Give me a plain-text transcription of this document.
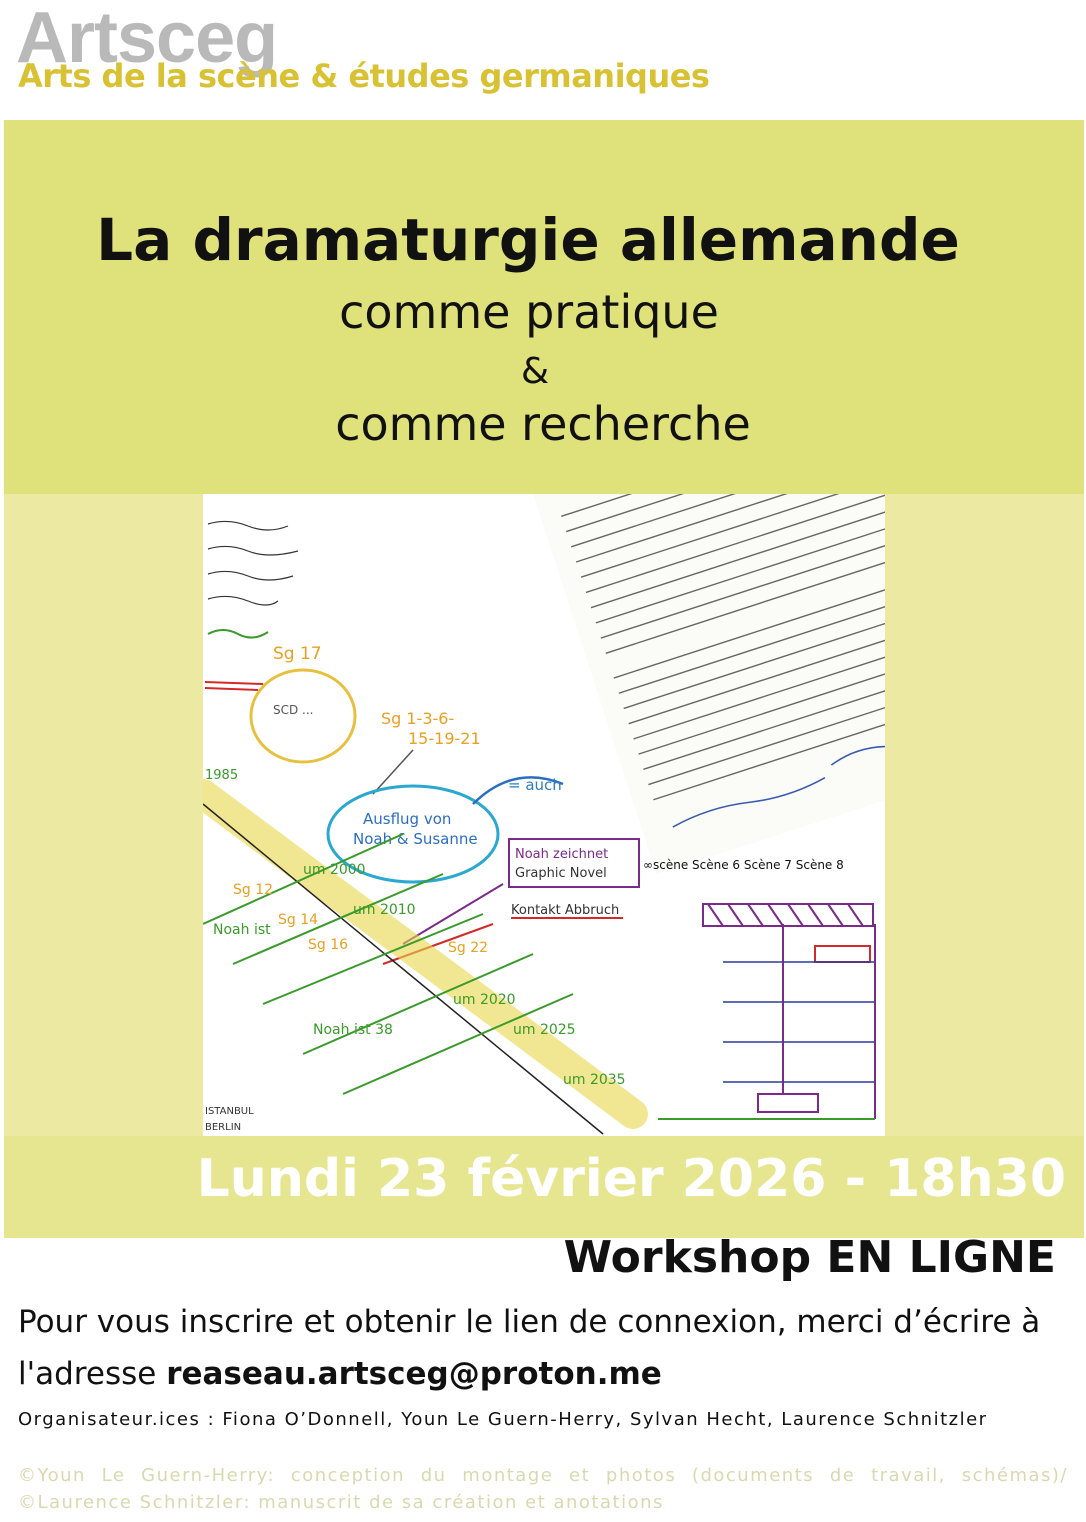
Artsceg
Arts de la scène & études germaniques
La dramaturgie allemande
comme pratique
&
comme recherche
Sg 17
SCD ...	Sg 1-3-6-
15-19-21
Ausflug von
Noah & Susanne
= auch
Noah zeichnet
Graphic Novel
∞scène Scène 6 Scène 7 Scène 8
Kontakt Abbruch
um 2000
um 2010
um 2020
um 2025
um 2035
Noah ist
Noah ist 38
Sg 12
Sg 14
Sg 16	Sg 22
1985
ISTANBUL
BERLIN
Lundi 23 février 2026 - 18h30
Workshop EN LIGNE
Pour vous inscrire et obtenir le lien de connexion, merci d’écrire à l'adresse reaseau.artsceg@proton.me
Organisateur.ices : Fiona O’Donnell, Youn Le Guern-Herry, Sylvan Hecht, Laurence Schnitzler
©Youn Le Guern-Herry: conception du montage et photos (documents de travail, schémas)/ ©Laurence Schnitzler: manuscrit de sa création et anotations
